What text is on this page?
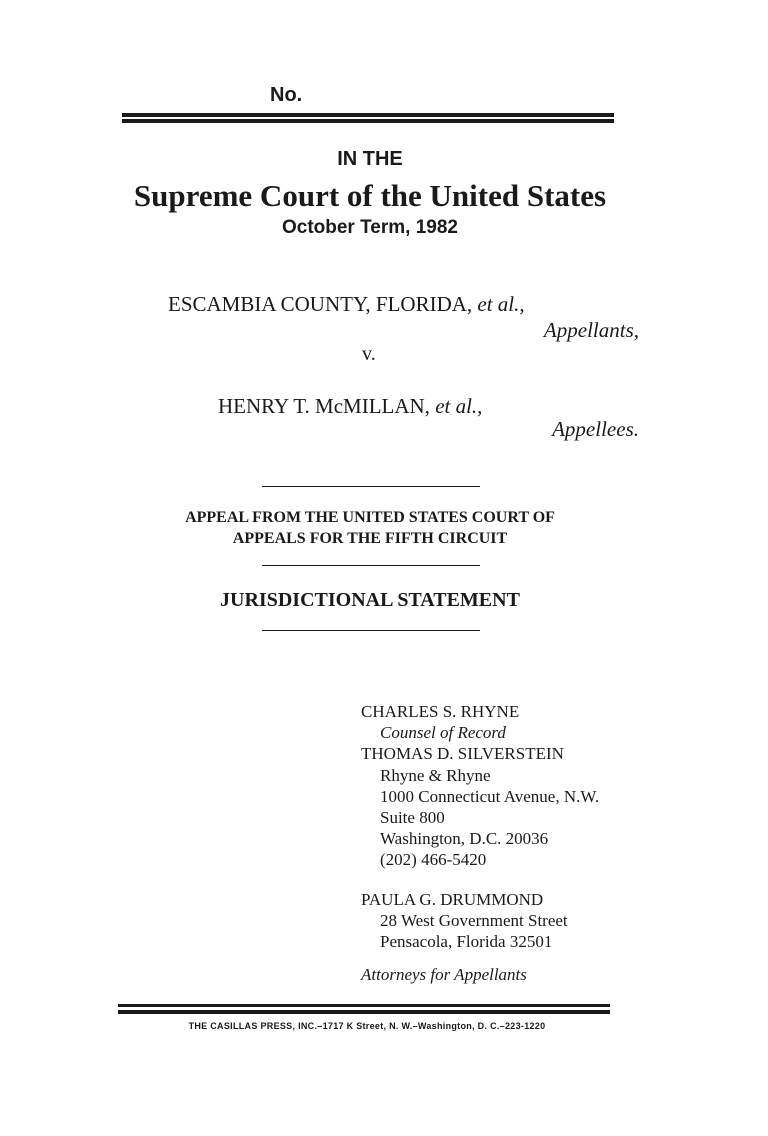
No.
IN THE
Supreme Court of the United States
October Term, 1982
ESCAMBIA COUNTY, FLORIDA, et al.,
Appellants,
v.
HENRY T. McMILLAN, et al.,
Appellees.
APPEAL FROM THE UNITED STATES COURT OF
APPEALS FOR THE FIFTH CIRCUIT
JURISDICTIONAL STATEMENT
CHARLES S. RHYNE
Counsel of Record
THOMAS D. SILVERSTEIN
Rhyne & Rhyne
1000 Connecticut Avenue, N.W.
Suite 800
Washington, D.C. 20036
(202) 466-5420
PAULA G. DRUMMOND
28 West Government Street
Pensacola, Florida 32501
Attorneys for Appellants
THE CASILLAS PRESS, INC.–1717 K Street, N. W.–Washington, D. C.–223-1220
